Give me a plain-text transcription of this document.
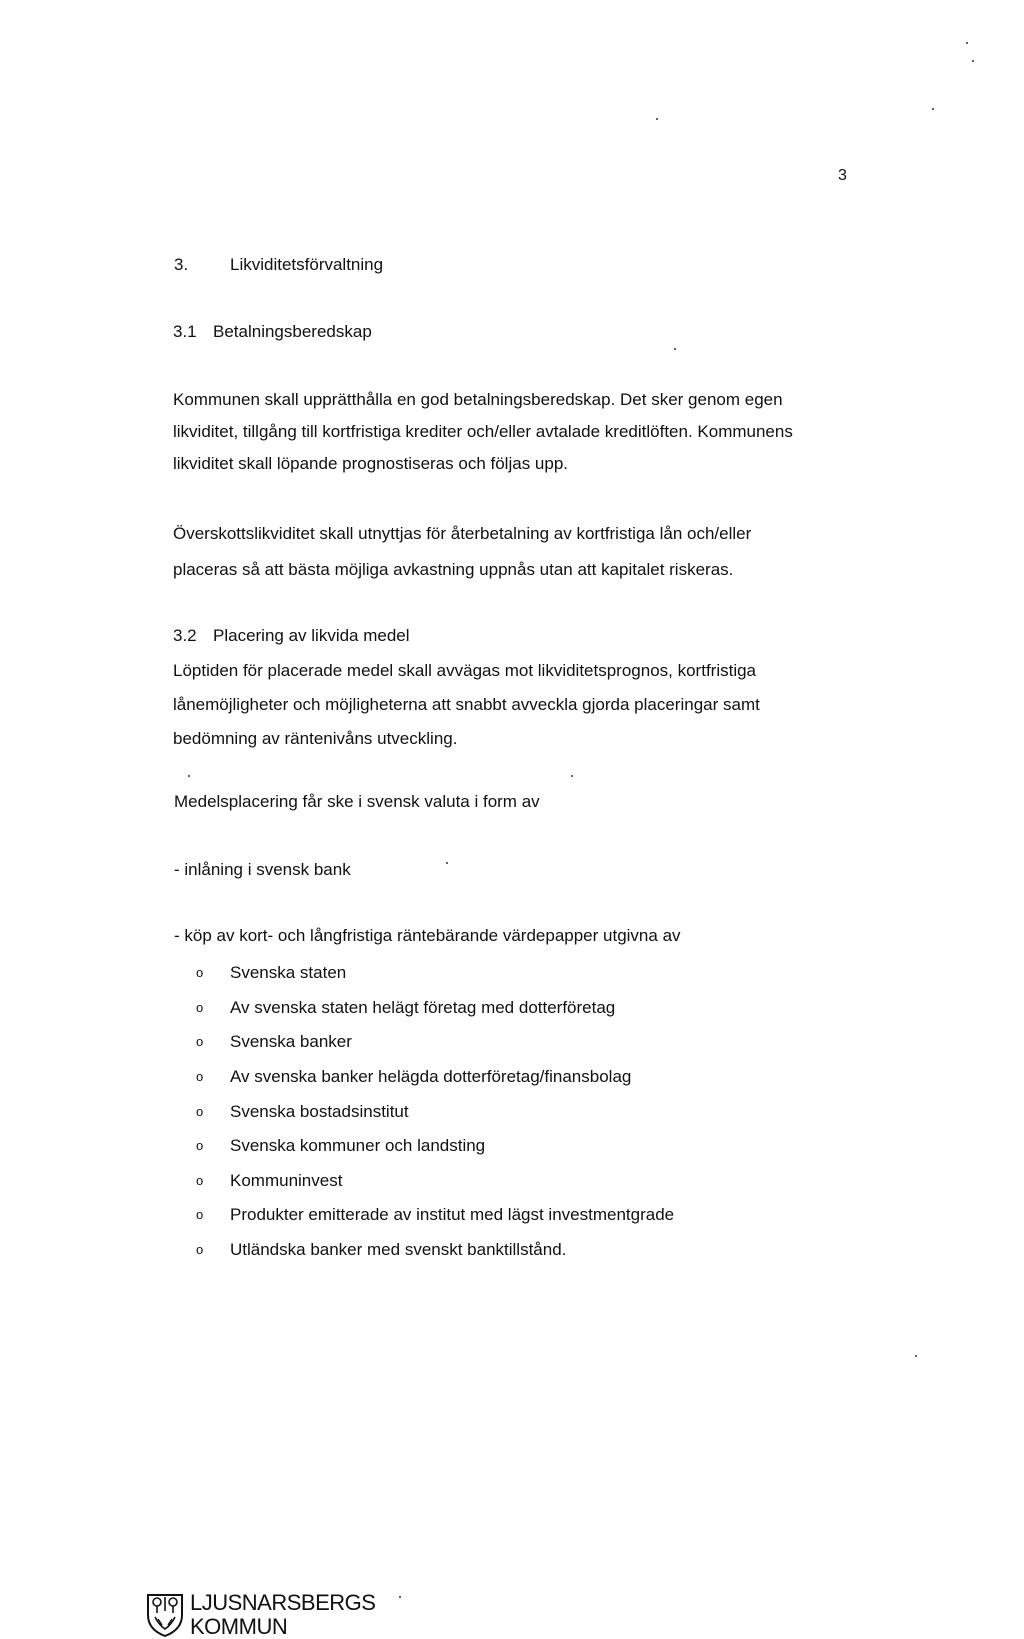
3
3. Likviditetsförvaltning
3.1 Betalningsberedskap

Kommunen skall upprätthålla en god betalningsberedskap. Det sker genom egen

likviditet, tillgång till kortfristiga krediter och/eller avtalade kreditlöften. Kommunens

likviditet skall löpande prognostiseras och följas upp.

Överskottslikviditet skall utnyttjas för återbetalning av kortfristiga lån och/eller

placeras så att bästa möjliga avkastning uppnås utan att kapitalet riskeras.

3.2 Placering av likvida medel

Löptiden för placerade medel skall avvägas mot likviditetsprognos, kortfristiga

lånemöjligheter och möjligheterna att snabbt avveckla gjorda placeringar samt

bedömning av räntenivåns utveckling.

Medelsplacering får ske i svensk valuta i form av
- inlåning i svensk bank
- köp av kort- och långfristiga räntebärande värdepapper utgivna av
o	Svenska staten
o	Av svenska staten helägt företag med dotterföretag
o	Svenska banker
o	Av svenska banker helägda dotterföretag/finansbolag
o	Svenska bostadsinstitut
o	Svenska kommuner och landsting
o	Kommuninvest
o	Produkter emitterade av institut med lägst investmentgrade
o	Utländska banker med svenskt banktillstånd.
LJUSNARSBERGS
KOMMUN
